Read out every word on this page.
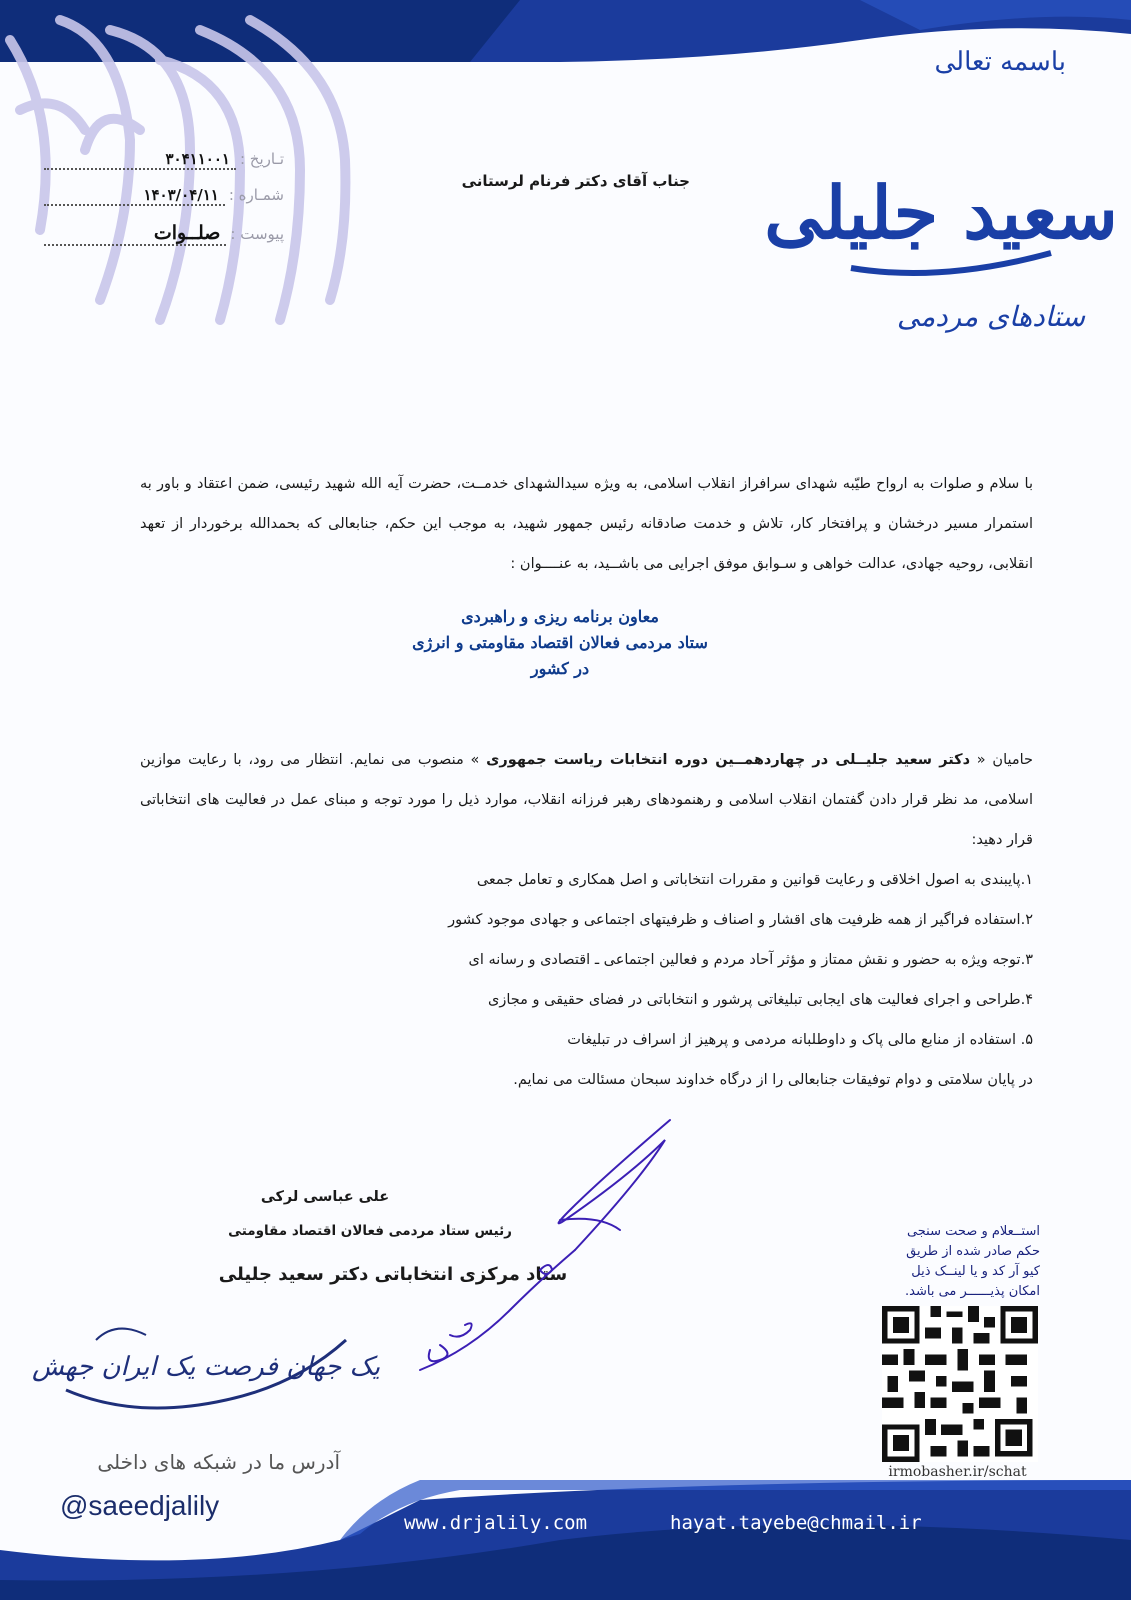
باسمه تعالی
سعید جلیلی
ستادهای مردمی
تـاریخ :
۳۰۴۱۱۰۰۱
شمـاره :
۱۴۰۳/۰۴/۱۱
پیوست :
صلــوات
جناب آقای دکتر فرنام لرستانی
با سلام و صلوات به ارواح طیّبه شهدای سرافراز انقلاب اسلامی، به ویژه سیدالشهدای خدمــت، حضرت آیه الله شهید رئیسی، ضمن اعتقاد و باور به استمرار مسیر درخشان و پرافتخار کار، تلاش و خدمت صادقانه رئیس جمهور شهید، به موجب این حکم، جنابعالی که بحمدالله برخوردار از تعهد انقلابی، روحیه جهادی، عدالت خواهی و سـوابق موفق اجرایی می باشــید، به عنــــوان :
معاون برنامه ریزی و راهبردی
ستاد مردمی فعالان اقتصاد مقاومتی و انرژی
در کشور
حامیان « دکتر سعید جلیــلی در چهاردهمــین دوره انتخابات ریاست جمهوری » منصوب می نمایم. انتظار می رود، با رعایت موازین اسلامی، مد نظر قرار دادن گفتمان انقلاب اسلامی و رهنمودهای رهبر فرزانه انقلاب، موارد ذیل را مورد توجه و مبنای عمل در فعالیت های انتخاباتی قرار دهید:
۱.پایبندی به اصول اخلاقی و رعایت قوانین و مقررات انتخاباتی و اصل همکاری و تعامل جمعی
۲.استفاده فراگیر از همه ظرفیت های اقشار و اصناف و ظرفیتهای اجتماعی و جهادی موجود کشور
۳.توجه ویژه به حضور و نقش ممتاز و مؤثر آحاد مردم و فعالین اجتماعی ـ اقتصادی و رسانه ای
۴.طراحی و اجرای فعالیت های ایجابی تبلیغاتی پرشور و انتخاباتی در فضای حقیقی و مجازی
۵. استفاده از منابع مالی پاک و داوطلبانه مردمی و پرهیز از اسراف در تبلیغات
در پایان سلامتی و دوام توفیقات جنابعالی را از درگاه خداوند سبحان مسئالت می نمایم.
علی عباسی لرکی
رئیس ستاد مردمی فعالان اقتصاد مقاومتی
ستاد مرکزی انتخاباتی دکتر سعید جلیلی
استــعلام و صحت سنجی
حکم صادر شده از طریق
کیو آر کد و یا لینــک ذیل
امکان پذیــــــر می باشد.
irmobasher.ir/schat
یک جهان فرصت یک ایران جهش
آدرس ما در شبکه های داخلی
@saeedjalily
www.drjalily.com	hayat.tayebe@chmail.ir
